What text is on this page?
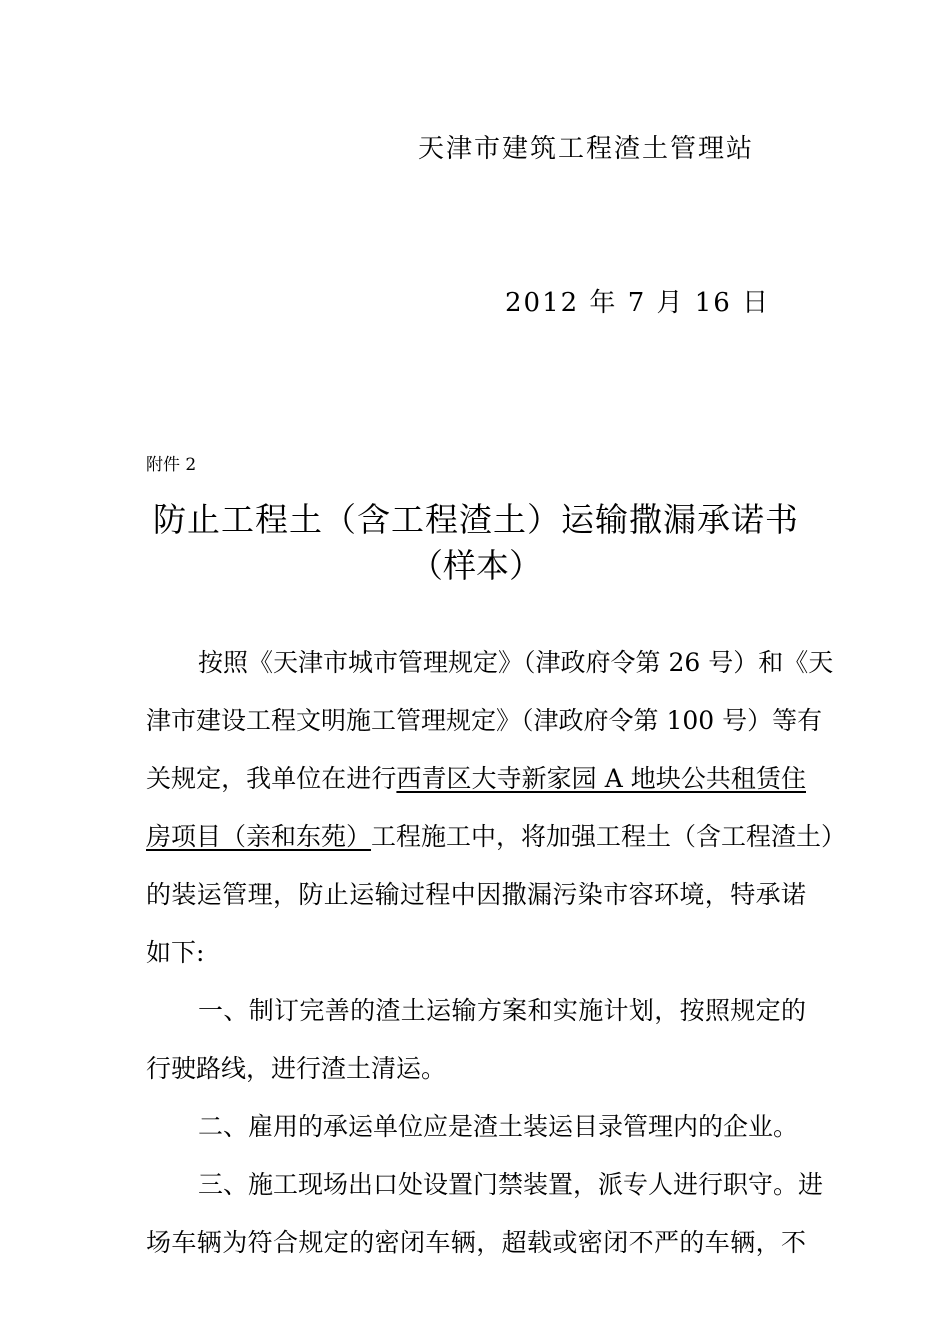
天津市建筑工程渣土管理站
2012 年 7 月 16 日
附件 2
防止工程土（含工程渣土）运输撒漏承诺书
（样本）
按照《天津市城市管理规定》（津政府令第 26 号）和《天
津市建设工程文明施工管理规定》（津政府令第 100 号）等有
关规定，我单位在进行西青区大寺新家园 A 地块公共租赁住
房项目（亲和东苑）工程施工中，将加强工程土（含工程渣土）
的装运管理，防止运输过程中因撒漏污染市容环境，特承诺
如下:
一、制订完善的渣土运输方案和实施计划，按照规定的
行驶路线，进行渣土清运。
二、雇用的承运单位应是渣土装运目录管理内的企业。
三、施工现场出口处设置门禁装置，派专人进行职守。进
场车辆为符合规定的密闭车辆，超载或密闭不严的车辆，不
